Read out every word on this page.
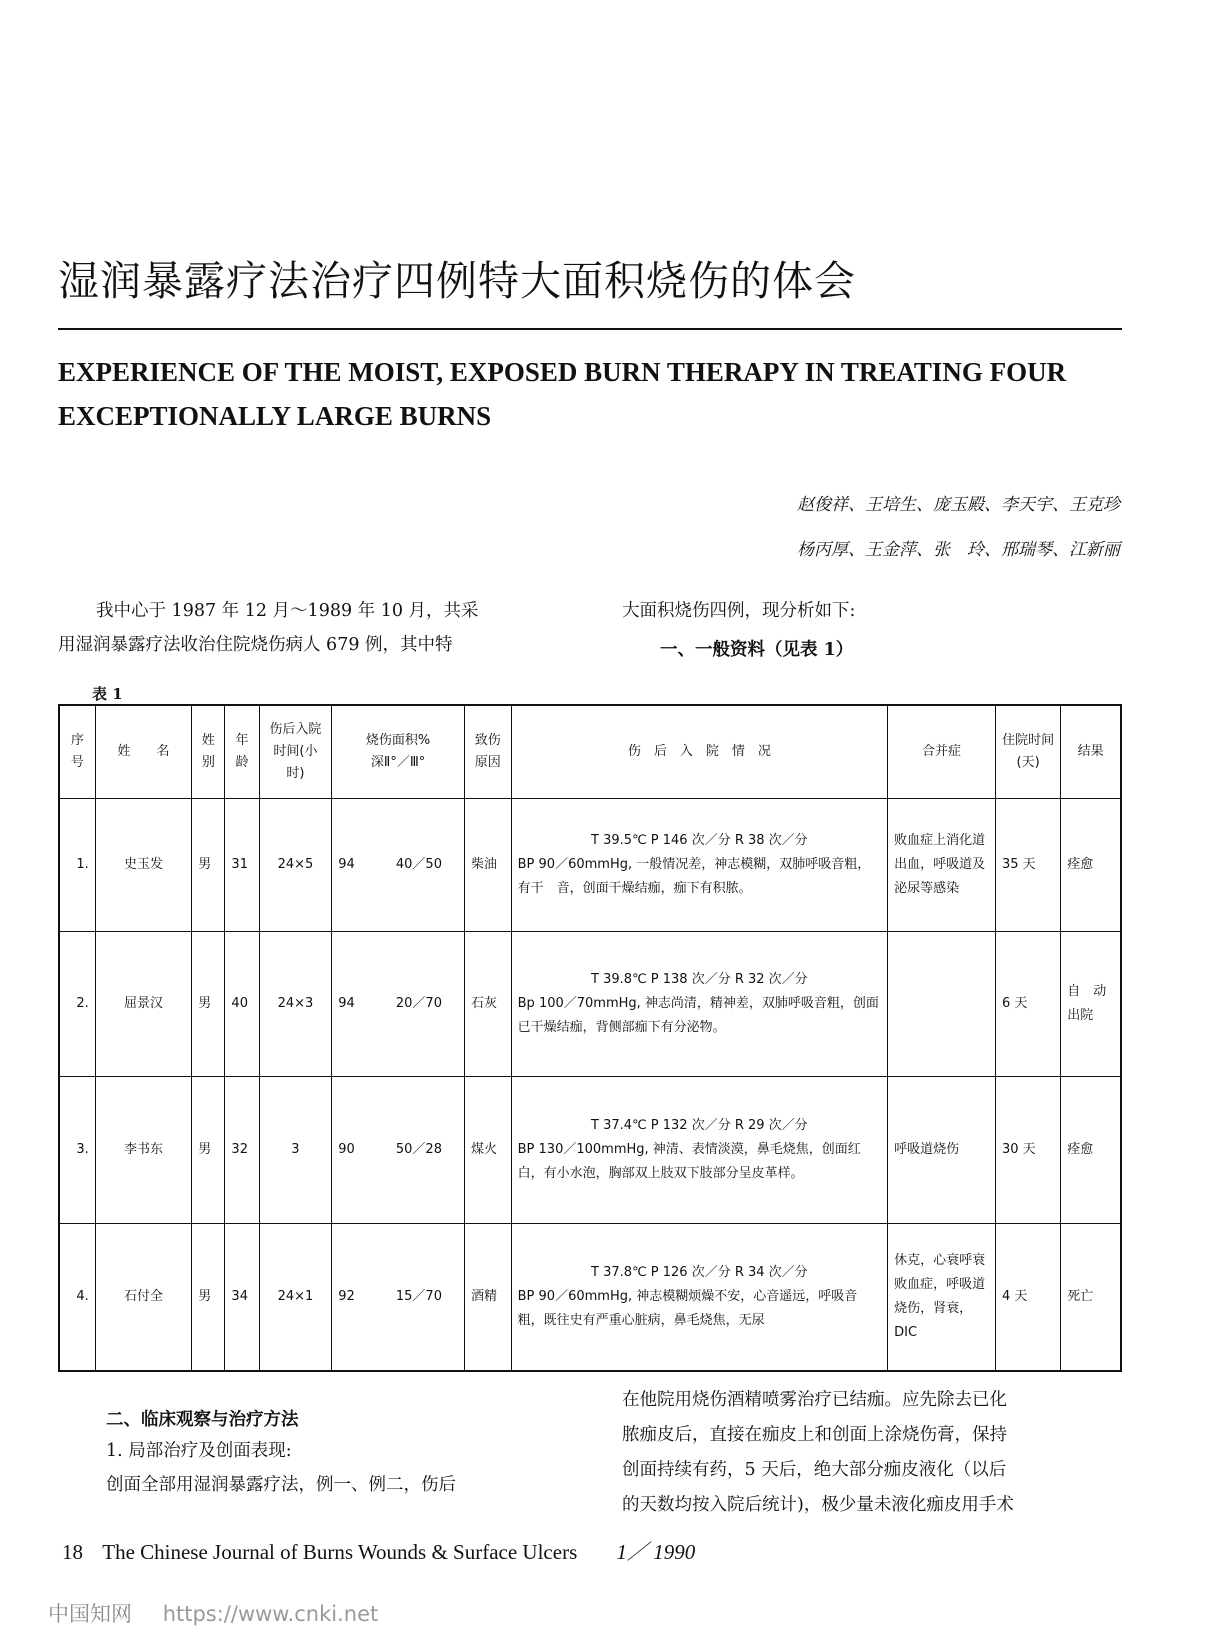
湿润暴露疗法治疗四例特大面积烧伤的体会
EXPERIENCE OF THE MOIST, EXPOSED BURN THERAPY IN TREATING FOUR EXCEPTIONALLY LARGE BURNS
赵俊祥、王培生、庞玉殿、李天宇、王克珍
杨丙厚、王金萍、张　玲、邢瑞琴、江新丽
我中心于 1987 年 12 月～1989 年 10 月，共采
用湿润暴露疗法收治住院烧伤病人 679 例，其中特
大面积烧伤四例，现分析如下:
一、一般资料（见表 1）
表 1
序号	姓　　名	姓别	年龄	伤后入院时间(小时)	烧伤面积%
深Ⅱ°／Ⅲ°	致伤原因	伤　后　入　院　情　况	合并症	住院时间(天)	结果
1.	史玉发	男	31	24×5	94 40／50	柴油	T 39.5℃ P 146 次／分 R 38 次／分
BP 90／60mmHg, 一般情况差，神志模糊，双肺呼吸音粗，有干　音，创面干燥结痂，痂下有积脓。	败血症上消化道出血，呼吸道及泌尿等感染	35 天	痊愈
2.	屈景汉	男	40	24×3	94 20／70	石灰	T 39.8℃ P 138 次／分 R 32 次／分
Bp 100／70mmHg, 神志尚清，精神差，双肺呼吸音粗，创面已干燥结痂，背侧部痂下有分泌物。		6 天	自　动出院
3.	李书东	男	32	3	90 50／28	煤火	T 37.4℃ P 132 次／分 R 29 次／分
BP 130／100mmHg, 神清、表情淡漠，鼻毛烧焦，创面红白，有小水泡，胸部双上肢双下肢部分呈皮革样。	呼吸道烧伤	30 天	痊愈
4.	石付全	男	34	24×1	92 15／70	酒精	T 37.8℃ P 126 次／分 R 34 次／分
BP 90／60mmHg, 神志模糊烦燥不安，心音遥远，呼吸音粗，既往史有严重心脏病，鼻毛烧焦，无尿	休克，心衰呼衰败血症，呼吸道烧伤，肾衰，DIC	4 天	死亡
二、临床观察与治疗方法
1. 局部治疗及创面表现:
创面全部用湿润暴露疗法，例一、例二，伤后
在他院用烧伤酒精喷雾治疗已结痂。应先除去已化
脓痂皮后，直接在痂皮上和创面上涂烧伤膏，保持
创面持续有药，5 天后，绝大部分痂皮液化（以后
的天数均按入院后统计)，极少量未液化痂皮用手术
18 The Chinese Journal of Burns Wounds & Surface Ulcers 1／ 1990
中国知网 https://www.cnki.net
